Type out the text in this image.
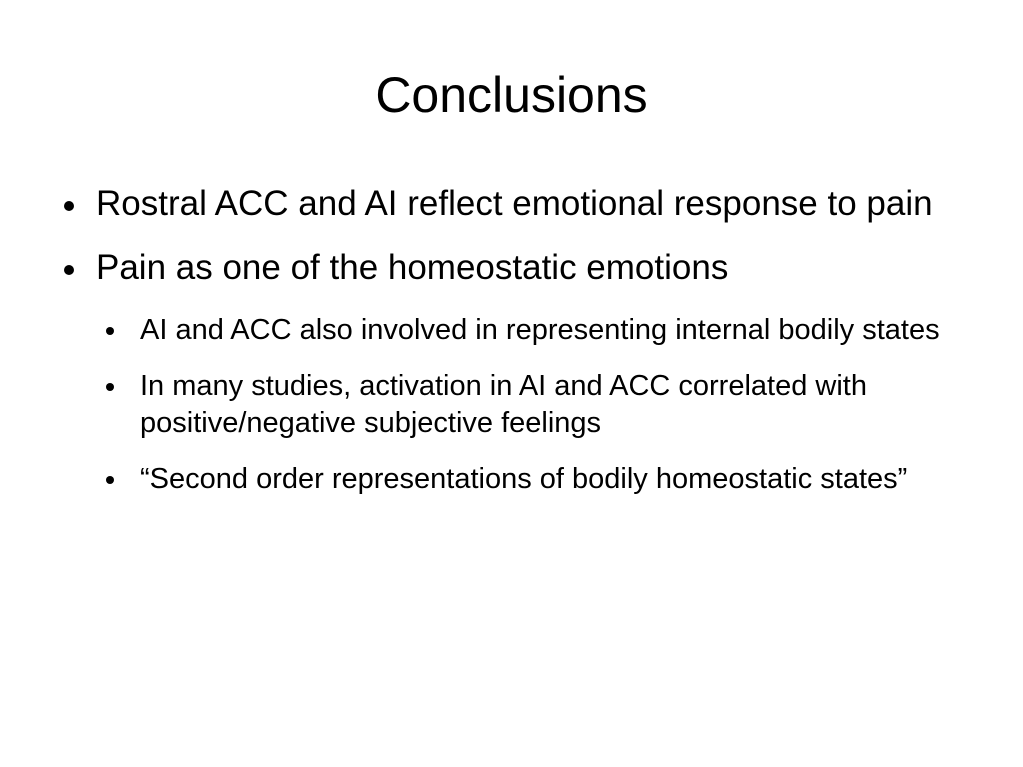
Conclusions
Rostral ACC and AI reflect emotional response to pain
Pain as one of the homeostatic emotions
AI and ACC also involved in representing internal bodily states
In many studies, activation in AI and ACC correlated with positive/negative subjective feelings
“Second order representations of bodily homeostatic states”
